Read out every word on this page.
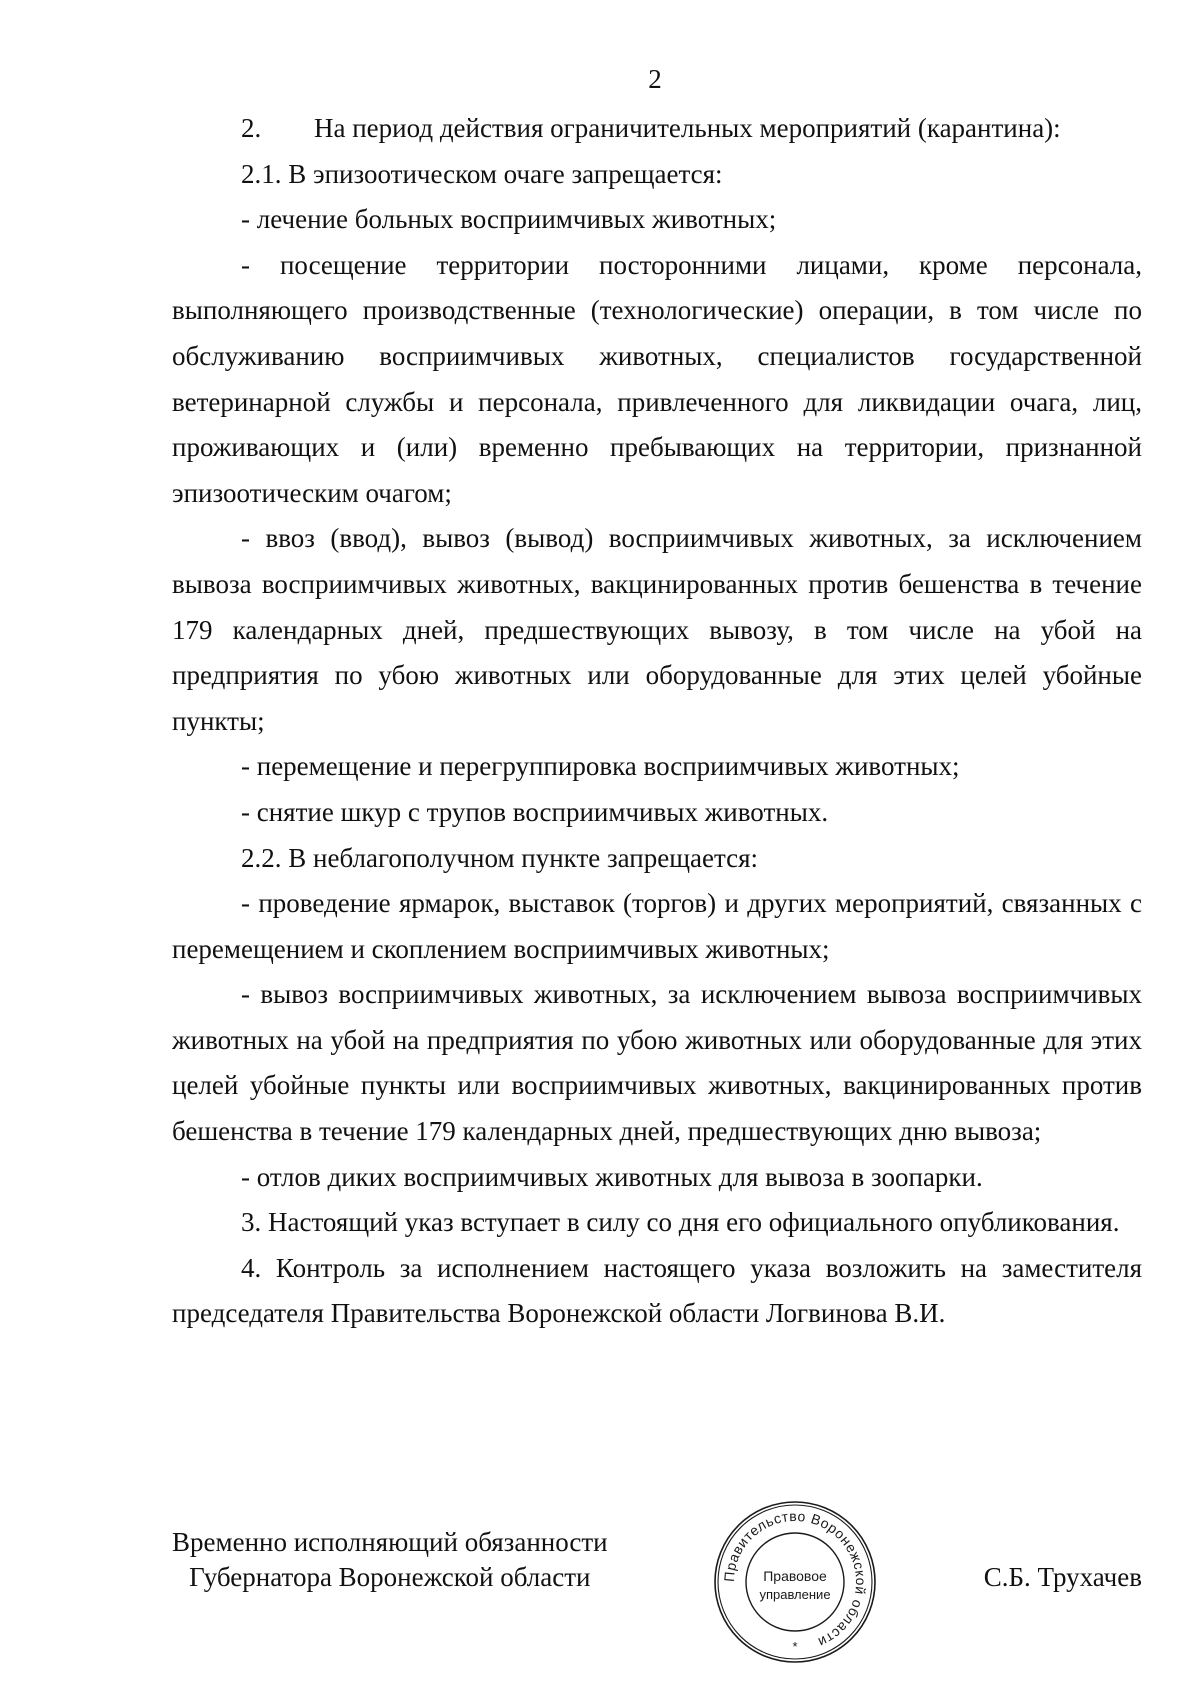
2

2. На период действия ограничительных мероприятий (карантина):

2.1. В эпизоотическом очаге запрещается:

- лечение больных восприимчивых животных;

- посещение территории посторонними лицами, кроме персонала, выполняющего производственные (технологические) операции, в том числе по обслуживанию восприимчивых животных, специалистов государственной ветеринарной службы и персонала, привлеченного для ликвидации очага, лиц, проживающих и (или) временно пребывающих на территории, признанной эпизоотическим очагом;

- ввоз (ввод), вывоз (вывод) восприимчивых животных, за исключением вывоза восприимчивых животных, вакцинированных против бешенства в течение 179 календарных дней, предшествующих вывозу, в том числе на убой на предприятия по убою животных или оборудованные для этих целей убойные пункты;

- перемещение и перегруппировка восприимчивых животных;

- снятие шкур с трупов восприимчивых животных.

2.2. В неблагополучном пункте запрещается:

- проведение ярмарок, выставок (торгов) и других мероприятий, связанных с перемещением и скоплением восприимчивых животных;

- вывоз восприимчивых животных, за исключением вывоза восприимчивых животных на убой на предприятия по убою животных или оборудованные для этих целей убойные пункты или восприимчивых животных, вакцинированных против бешенства в течение 179 календарных дней, предшествующих дню вывоза;

- отлов диких восприимчивых животных для вывоза в зоопарки.

3. Настоящий указ вступает в силу со дня его официального опубликования.

4. Контроль за исполнением настоящего указа возложить на заместителя председателя Правительства Воронежской области Логвинова В.И.

Временно исполняющий обязанности
Губернатора Воронежской области	Правительство Воронежской области
Правовое
управление
*
С.Б. Трухачев
